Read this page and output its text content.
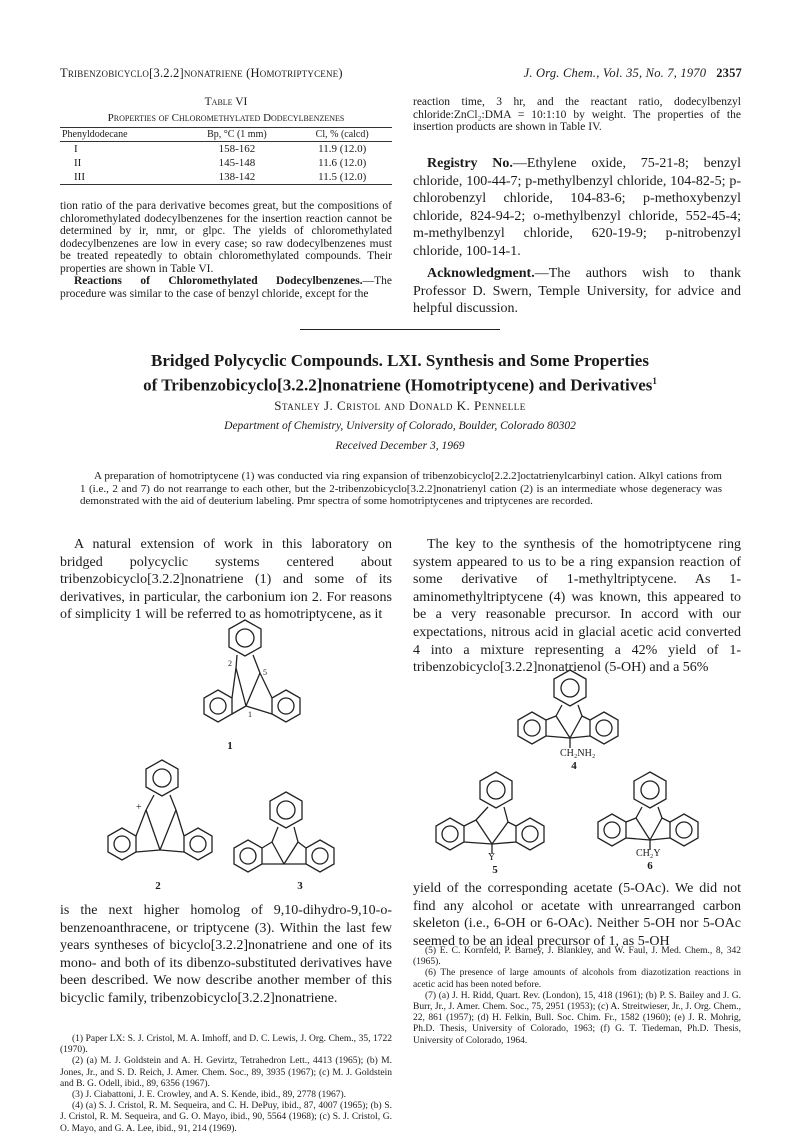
Tribenzobicyclo[3.2.2]nonatriene (Homotriptycene)	J. Org. Chem., Vol. 35, No. 7, 1970 2357
Table VI
Properties of Chloromethylated Dodecylbenzenes
Phenyldodecane	Bp, °C (1 mm)	Cl, % (calcd)
I	158-162	11.9 (12.0)
II	145-148	11.6 (12.0)
III	138-142	11.5 (12.0)

tion ratio of the para derivative becomes great, but the compositions of chloromethylated dodecylbenzenes for the insertion reaction cannot be determined by ir, nmr, or glpc. The yields of chloromethylated dodecylbenzenes are low in every case; so raw dodecylbenzenes must be treated repeatedly to obtain chloromethylated compounds. Their properties are shown in Table VI.

Reactions of Chloromethylated Dodecylbenzenes.—The procedure was similar to the case of benzyl chloride, except for the

reaction time, 3 hr, and the reactant ratio, dodecylbenzyl chloride:ZnCl₂:DMA = 10:1:10 by weight. The properties of the insertion products are shown in Table IV.

Registry No.—Ethylene oxide, 75-21-8; benzyl chloride, 100-44-7; p-methylbenzyl chloride, 104-82-5; p-chlorobenzyl chloride, 104-83-6; p-methoxybenzyl chloride, 824-94-2; o-methylbenzyl chloride, 552-45-4; m-methylbenzyl chloride, 620-19-9; p-nitrobenzyl chloride, 100-14-1.
Acknowledgment.—The authors wish to thank Professor D. Swern, Temple University, for advice and helpful discussion.
Bridged Polycyclic Compounds. LXI. Synthesis and Some Properties
of Tribenzobicyclo[3.2.2]nonatriene (Homotriptycene) and Derivatives$^1$
Stanley J. Cristol and Donald K. Pennelle
Department of Chemistry, University of Colorado, Boulder, Colorado 80302
Received December 3, 1969
A preparation of homotriptycene (1) was conducted via ring expansion of tribenzobicyclo[2.2.2]octatrienylcarbinyl cation. Alkyl cations from 1 (i.e., 2 and 7) do not rearrange to each other, but the 2-tribenzobicyclo[3.2.2]nonatrienyl cation (2) is an intermediate whose degeneracy was demonstrated with the aid of deuterium labeling. Pmr spectra of some homotriptycenes and triptycenes are recorded.
A natural extension of work in this laboratory on bridged polycyclic systems centered about tribenzobicyclo[3.2.2]nonatriene (1) and some of its derivatives, in particular, the carbonium ion 2. For reasons of simplicity 1 will be referred to as homotriptycene, as it
2
5
1
1
+
2	3
is the next higher homolog of 9,10-dihydro-9,10-o-benzenoanthracene, or triptycene (3). Within the last few years syntheses of bicyclo[3.2.2]nonatriene and one of its mono- and both of its dibenzo-substituted derivatives have been described. We now describe another member of this bicyclic family, tribenzobicyclo[3.2.2]nonatriene.

(1) Paper LX: S. J. Cristol, M. A. Imhoff, and D. C. Lewis, J. Org. Chem., 35, 1722 (1970).

(2) (a) M. J. Goldstein and A. H. Gevirtz, Tetrahedron Lett., 4413 (1965); (b) M. Jones, Jr., and S. D. Reich, J. Amer. Chem. Soc., 89, 3935 (1967); (c) M. J. Goldstein and B. G. Odell, ibid., 89, 6356 (1967).

(3) J. Ciabattoni, J. E. Crowley, and A. S. Kende, ibid., 89, 2778 (1967).

(4) (a) S. J. Cristol, R. M. Sequeira, and C. H. DePuy, ibid., 87, 4007 (1965); (b) S. J. Cristol, R. M. Sequeira, and G. O. Mayo, ibid., 90, 5564 (1968); (c) S. J. Cristol, G. O. Mayo, and G. A. Lee, ibid., 91, 214 (1969).

The key to the synthesis of the homotriptycene ring system appeared to us to be a ring expansion reaction of some derivative of 1-methyltriptycene. As 1-aminomethyltriptycene (4) was known, this appeared to be a very reasonable precursor. In accord with our expectations, nitrous acid in glacial acetic acid converted 4 into a mixture representing a 42% yield of 1-tribenzobicyclo[3.2.2]nonatrienol (5-OH) and a 56%
CH₂NH₂
4
Y
5
CH₂Y
6
yield of the corresponding acetate (5-OAc). We did not find any alcohol or acetate with unrearranged carbon skeleton (i.e., 6-OH or 6-OAc). Neither 5-OH nor 5-OAc seemed to be an ideal precursor of 1, as 5-OH

(5) E. C. Kornfeld, P. Barney, J. Blankley, and W. Faul, J. Med. Chem., 8, 342 (1965).

(6) The presence of large amounts of alcohols from diazotization reactions in acetic acid has been noted before.

(7) (a) J. H. Ridd, Quart. Rev. (London), 15, 418 (1961); (b) P. S. Bailey and J. G. Burr, Jr., J. Amer. Chem. Soc., 75, 2951 (1953); (c) A. Streitwieser, Jr., J. Org. Chem., 22, 861 (1957); (d) H. Felkin, Bull. Soc. Chim. Fr., 1582 (1960); (e) J. R. Mohrig, Ph.D. Thesis, University of Colorado, 1963; (f) G. T. Tiedeman, Ph.D. Thesis, University of Colorado, 1964.
